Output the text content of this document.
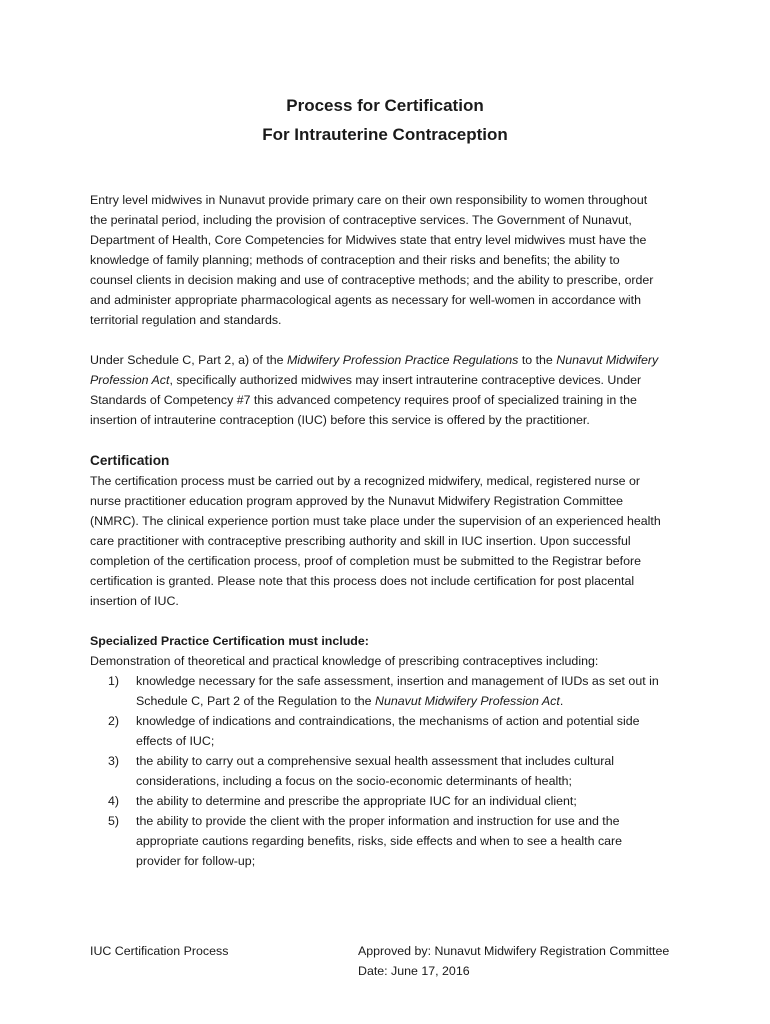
Process for Certification
For Intrauterine Contraception
Entry level midwives in Nunavut provide primary care on their own responsibility to women throughout
the perinatal period, including the provision of contraceptive services. The Government of Nunavut,
Department of Health, Core Competencies for Midwives state that entry level midwives must have the
knowledge of family planning; methods of contraception and their risks and benefits; the ability to
counsel clients in decision making and use of contraceptive methods; and the ability to prescribe, order
and administer appropriate pharmacological agents as necessary for well-women in accordance with
territorial regulation and standards.
Under Schedule C, Part 2, a) of the Midwifery Profession Practice Regulations to the Nunavut Midwifery
Profession Act, specifically authorized midwives may insert intrauterine contraceptive devices. Under
Standards of Competency #7 this advanced competency requires proof of specialized training in the
insertion of intrauterine contraception (IUC) before this service is offered by the practitioner.
Certification
The certification process must be carried out by a recognized midwifery, medical, registered nurse or
nurse practitioner education program approved by the Nunavut Midwifery Registration Committee
(NMRC). The clinical experience portion must take place under the supervision of an experienced health
care practitioner with contraceptive prescribing authority and skill in IUC insertion. Upon successful
completion of the certification process, proof of completion must be submitted to the Registrar before
certification is granted. Please note that this process does not include certification for post placental
insertion of IUC.
Specialized Practice Certification must include:
Demonstration of theoretical and practical knowledge of prescribing contraceptives including:
1)	knowledge necessary for the safe assessment, insertion and management of IUDs as set out in
Schedule C, Part 2 of the Regulation to the Nunavut Midwifery Profession Act.
2)	knowledge of indications and contraindications, the mechanisms of action and potential side
effects of IUC;
3)	the ability to carry out a comprehensive sexual health assessment that includes cultural
considerations, including a focus on the socio-economic determinants of health;
4)	the ability to determine and prescribe the appropriate IUC for an individual client;
5)	the ability to provide the client with the proper information and instruction for use and the
appropriate cautions regarding benefits, risks, side effects and when to see a health care
provider for follow-up;
IUC Certification Process	Approved by: Nunavut Midwifery Registration Committee
Date: June 17, 2016
